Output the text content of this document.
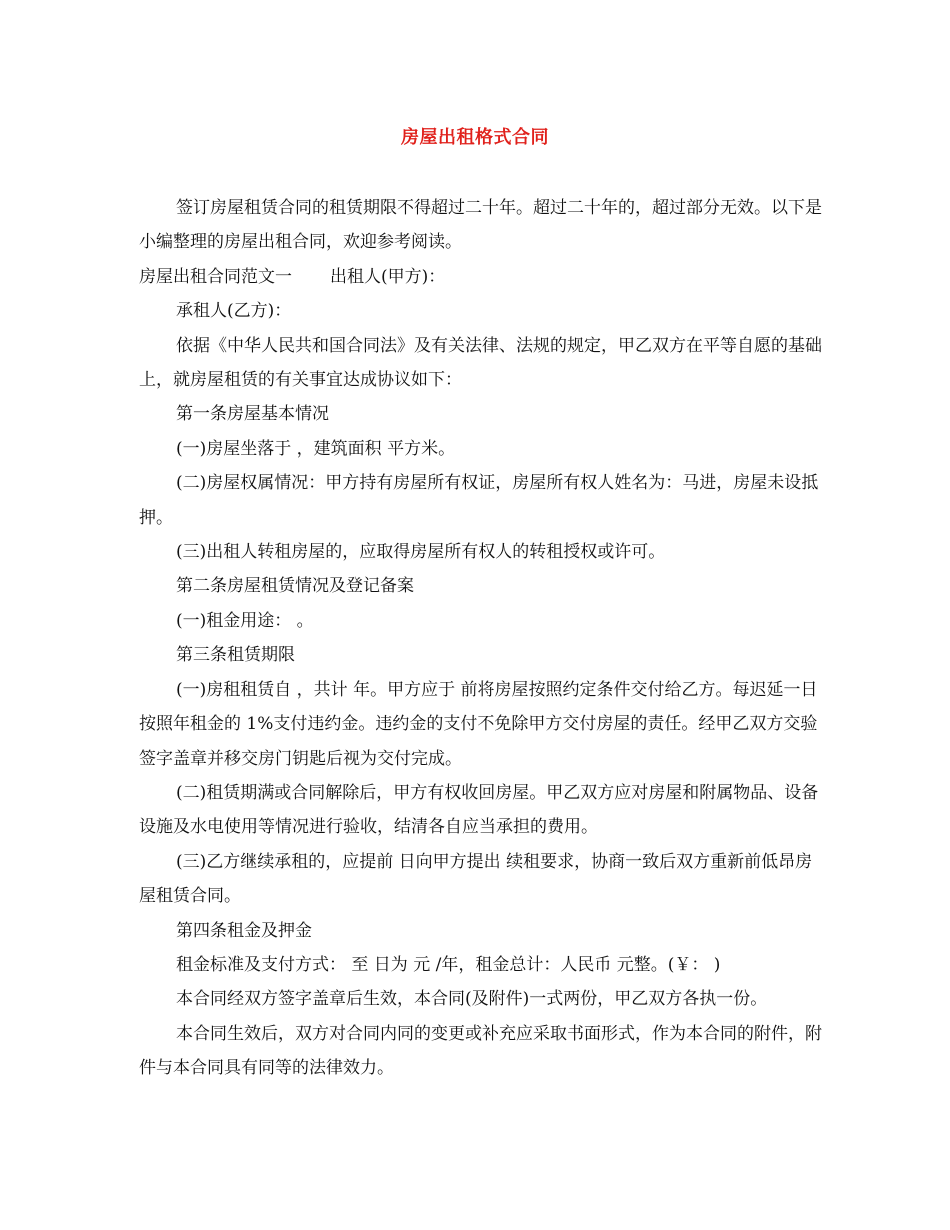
房屋出租格式合同

签订房屋租赁合同的租赁期限不得超过二十年。超过二十年的，超过部分无效。以下是小编整理的房屋出租合同，欢迎参考阅读。

房屋出租合同范文一 出租人(甲方)：

承租人(乙方)：

依据《中华人民共和国合同法》及有关法律、法规的规定，甲乙双方在平等自愿的基础上，就房屋租赁的有关事宜达成协议如下：

第一条房屋基本情况

(一)房屋坐落于 ，建筑面积 平方米。

(二)房屋权属情况：甲方持有房屋所有权证，房屋所有权人姓名为：马进，房屋未设抵押。

(三)出租人转租房屋的，应取得房屋所有权人的转租授权或许可。

第二条房屋租赁情况及登记备案

(一)租金用途： 。

第三条租赁期限

(一)房租租赁自 ，共计 年。甲方应于 前将房屋按照约定条件交付给乙方。每迟延一日按照年租金的 1%支付违约金。违约金的支付不免除甲方交付房屋的责任。经甲乙双方交验签字盖章并移交房门钥匙后视为交付完成。

(二)租赁期满或合同解除后，甲方有权收回房屋。甲乙双方应对房屋和附属物品、设备设施及水电使用等情况进行验收，结清各自应当承担的费用。

(三)乙方继续承租的，应提前 日向甲方提出 续租要求，协商一致后双方重新前低昂房屋租赁合同。

第四条租金及押金

租金标准及支付方式： 至 日为 元 /年，租金总计：人民币 元整。(￥： )

本合同经双方签字盖章后生效，本合同(及附件)一式两份，甲乙双方各执一份。

本合同生效后，双方对合同内同的变更或补充应采取书面形式，作为本合同的附件，附件与本合同具有同等的法律效力。
